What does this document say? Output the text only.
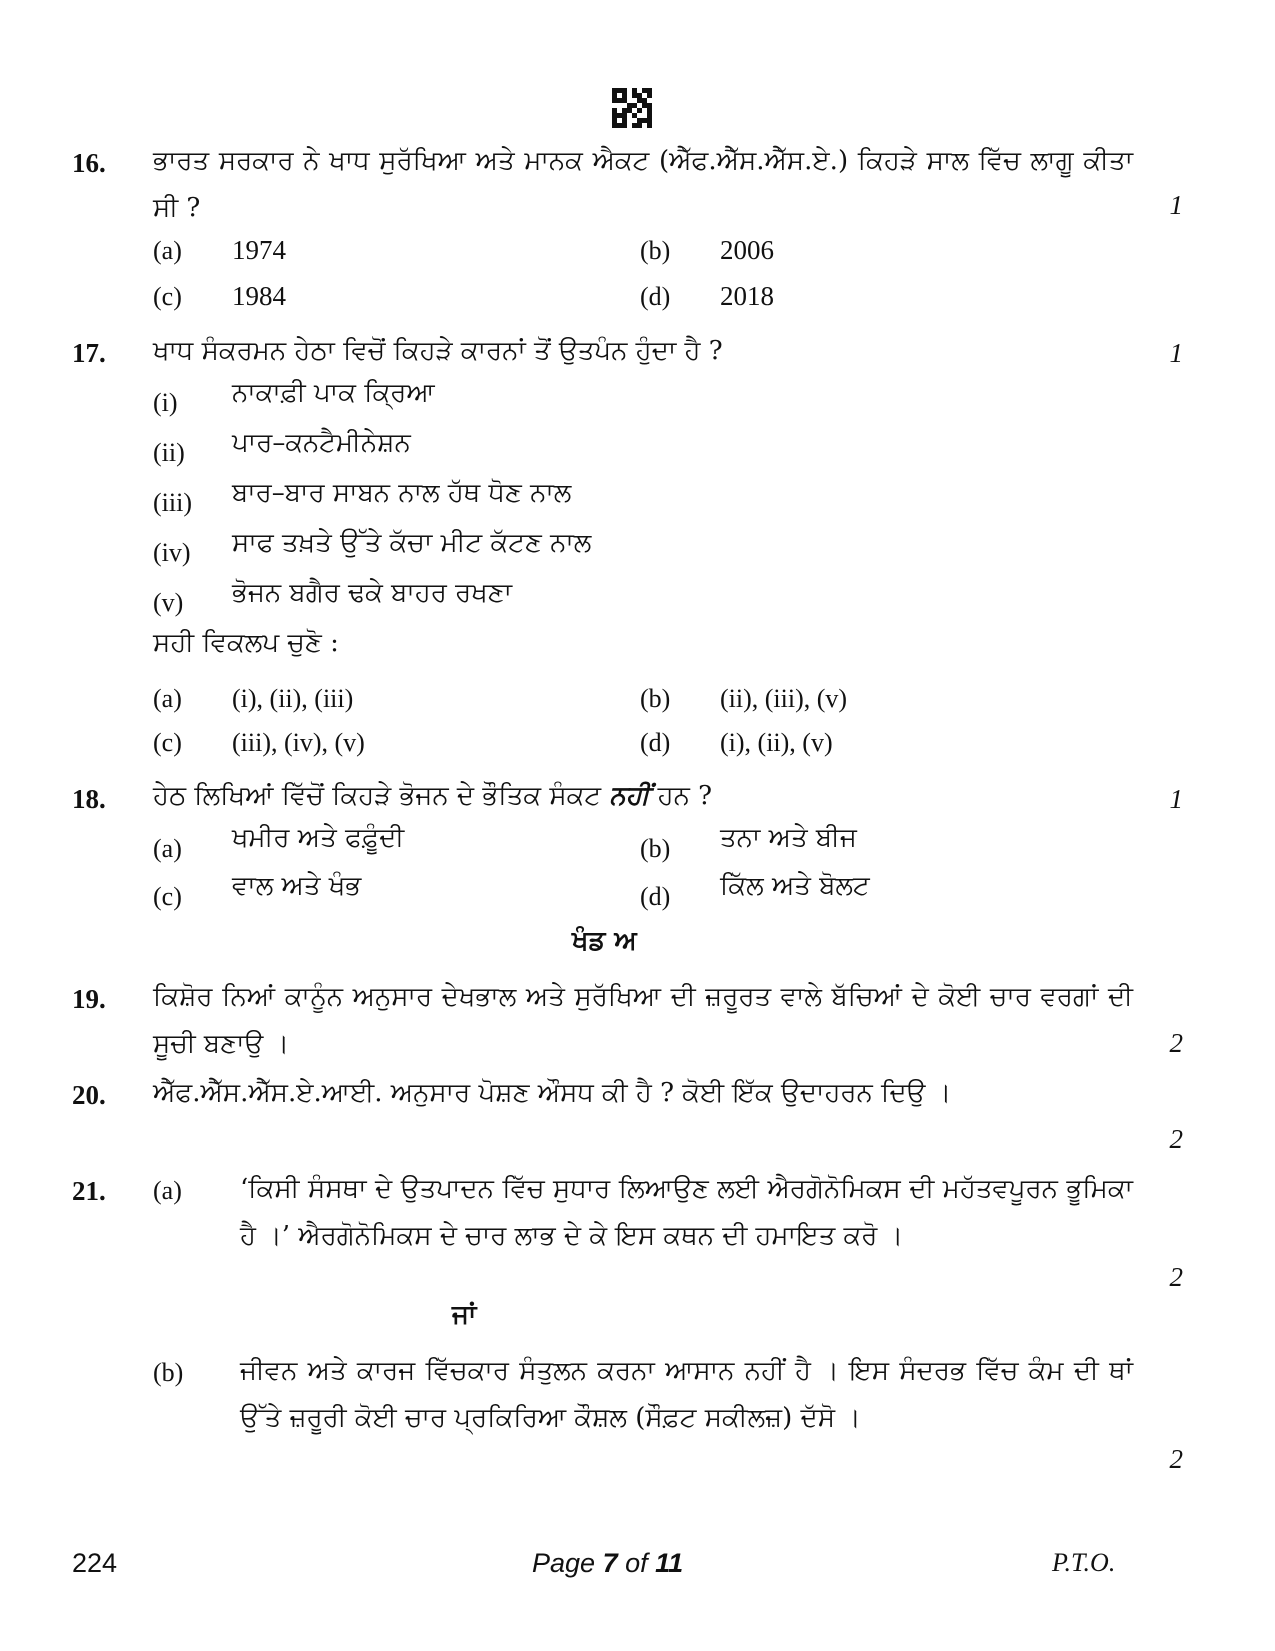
16. ਭਾਰਤ ਸਰਕਾਰ ਨੇ ਖਾਧ ਸੁਰੱਖਿਆ ਅਤੇ ਮਾਨਕ ਐਕਟ (ਐੱਫ.ਐੱਸ.ਐੱਸ.ਏ.) ਕਿਹੜੇ ਸਾਲ ਵਿੱਚ ਲਾਗੂ ਕੀਤਾ ਸੀ ?	1
(a) 1974	(b) 2006
(c) 1984	(d) 2018
17. ਖਾਧ ਸੰਕਰਮਨ ਹੇਠਾ ਵਿਚੋਂ ਕਿਹੜੇ ਕਾਰਨਾਂ ਤੋਂ ਉਤਪੰਨ ਹੁੰਦਾ ਹੈ ?	1
(i) ਨਾਕਾਫ਼ੀ ਪਾਕ ਕ੍ਰਿਆ
(ii) ਪਾਰ–ਕਨਟੈਮੀਨੇਸ਼ਨ
(iii) ਬਾਰ–ਬਾਰ ਸਾਬਨ ਨਾਲ ਹੱਥ ਧੋਣ ਨਾਲ
(iv) ਸਾਫ ਤਖ਼ਤੇ ਉੱਤੇ ਕੱਚਾ ਮੀਟ ਕੱਟਣ ਨਾਲ
(v) ਭੋਜਨ ਬਗੈਰ ਢਕੇ ਬਾਹਰ ਰਖਣਾ
ਸਹੀ ਵਿਕਲਪ ਚੁਣੋ :
(a) (i), (ii), (iii)	(b) (ii), (iii), (v)
(c) (iii), (iv), (v)	(d) (i), (ii), (v)
18. ਹੇਠ ਲਿਖਿਆਂ ਵਿੱਚੋਂ ਕਿਹੜੇ ਭੋਜਨ ਦੇ ਭੌਤਿਕ ਸੰਕਟ ਨਹੀਂ ਹਨ ?	1
(a) ਖਮੀਰ ਅਤੇ ਫਫ਼ੂੰਦੀ	(b) ਤਨਾ ਅਤੇ ਬੀਜ
(c) ਵਾਲ ਅਤੇ ਖੰਭ	(d) ਕਿੱਲ ਅਤੇ ਬੋਲਟ
ਖੰਡ ਅ
19. ਕਿਸ਼ੋਰ ਨਿਆਂ ਕਾਨੂੰਨ ਅਨੁਸਾਰ ਦੇਖਭਾਲ ਅਤੇ ਸੁਰੱਖਿਆ ਦੀ ਜ਼ਰੂਰਤ ਵਾਲੇ ਬੱਚਿਆਂ ਦੇ ਕੋਈ ਚਾਰ ਵਰਗਾਂ ਦੀ ਸੂਚੀ ਬਣਾਉ ।	2
20. ਐੱਫ.ਐੱਸ.ਐੱਸ.ਏ.ਆਈ. ਅਨੁਸਾਰ ਪੋਸ਼ਣ ਔਸਧ ਕੀ ਹੈ ? ਕੋਈ ਇੱਕ ਉਦਾਹਰਨ ਦਿਉ ।
2
21. (a) ‘ਕਿਸੀ ਸੰਸਥਾ ਦੇ ਉਤਪਾਦਨ ਵਿੱਚ ਸੁਧਾਰ ਲਿਆਉਣ ਲਈ ਐਰਗੋਨੋਮਿਕਸ ਦੀ ਮਹੱਤਵਪੂਰਨ ਭੂਮਿਕਾ ਹੈ ।’ ਐਰਗੋਨੋਮਿਕਸ ਦੇ ਚਾਰ ਲਾਭ ਦੇ ਕੇ ਇਸ ਕਥਨ ਦੀ ਹਮਾਇਤ ਕਰੋ ।
2
ਜਾਂ
(b) ਜੀਵਨ ਅਤੇ ਕਾਰਜ ਵਿੱਚਕਾਰ ਸੰਤੁਲਨ ਕਰਨਾ ਆਸਾਨ ਨਹੀਂ ਹੈ । ਇਸ ਸੰਦਰਭ ਵਿੱਚ ਕੰਮ ਦੀ ਥਾਂ ਉੱਤੇ ਜ਼ਰੂਰੀ ਕੋਈ ਚਾਰ ਪ੍ਰਕਿਰਿਆ ਕੌਸ਼ਲ (ਸੌਫ਼ਟ ਸਕੀਲਜ਼) ਦੱਸੋ ।
2
224	Page 7 of 11	P.T.O.
